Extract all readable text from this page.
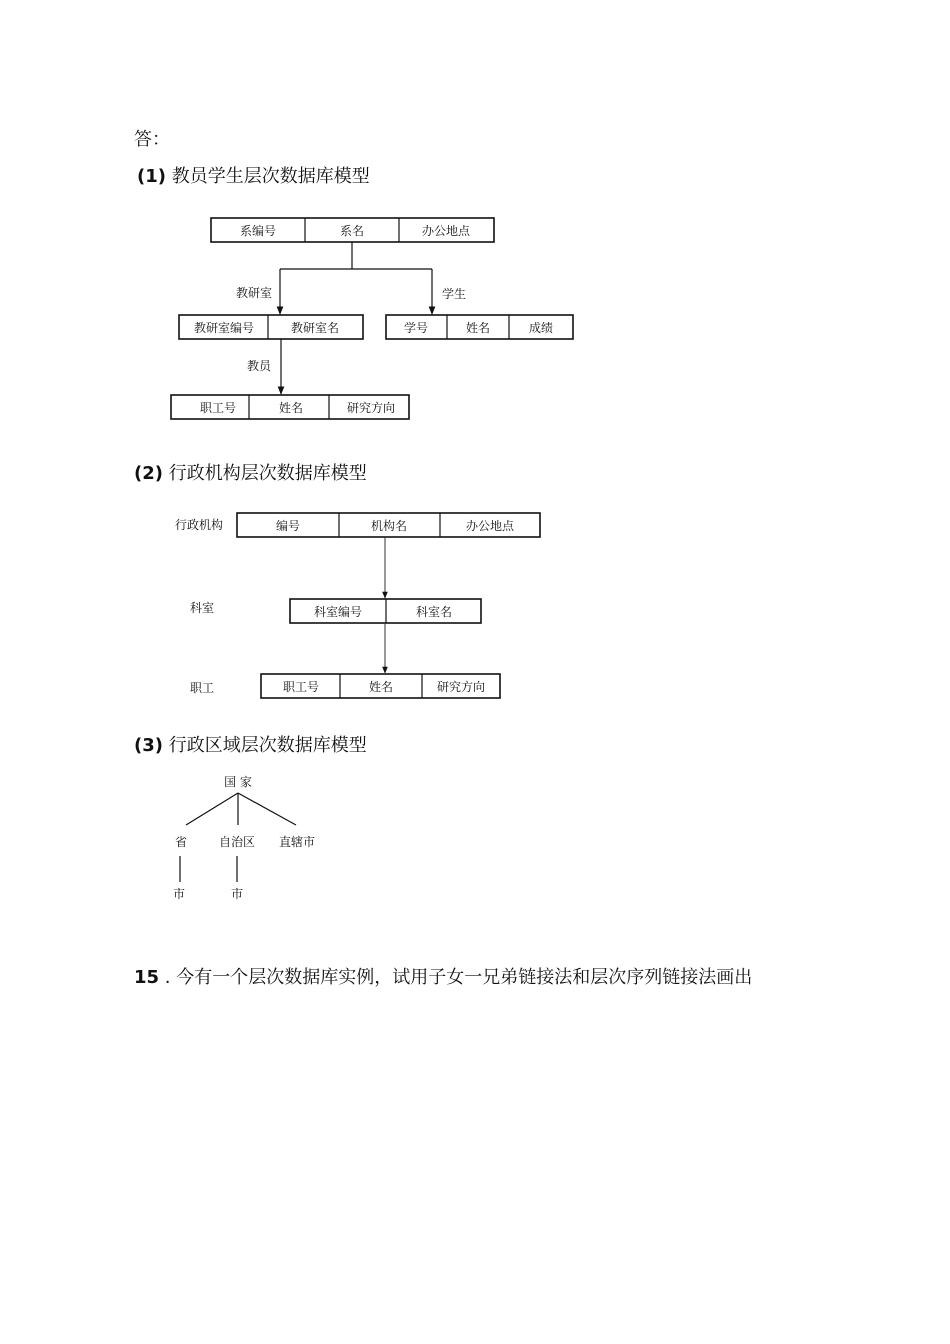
答：
(1) 教员学生层次数据库模型
(2) 行政机构层次数据库模型
(3) 行政区域层次数据库模型
15 . 今有一个层次数据库实例，试用子女一兄弟链接法和层次序列链接法画出
系编号	系名	办公地点
教研室	学生
教研室编号	教研室名	学号	姓名	成绩
教员
职工号	姓名	研究方向
行政机构	编号	机构名	办公地点
科室	科室编号	科室名
职工	职工号	姓名	研究方向
国 家
省	自治区 直辖市
市	市
